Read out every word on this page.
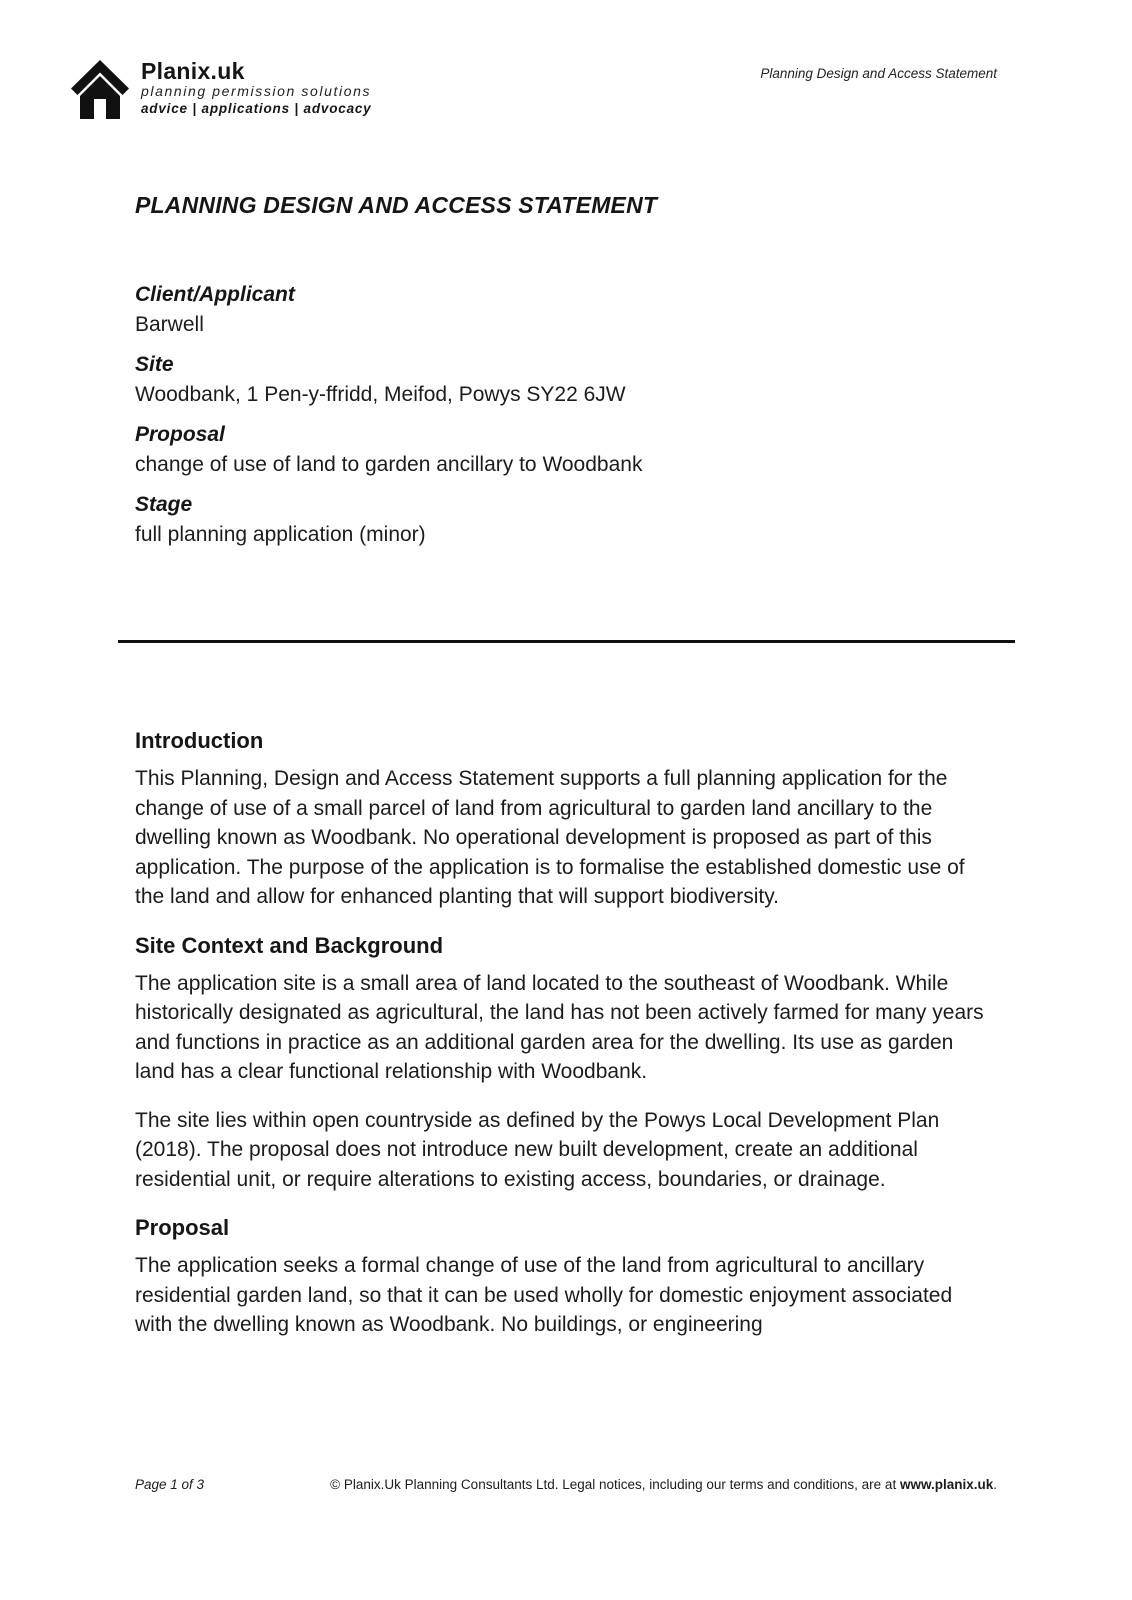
Planix.uk
planning permission solutions
advice | applications | advocacy
Planning Design and Access Statement
PLANNING DESIGN AND ACCESS STATEMENT
Client/Applicant
Barwell
Site
Woodbank, 1 Pen-y-ffridd, Meifod, Powys SY22 6JW
Proposal
change of use of land to garden ancillary to Woodbank
Stage
full planning application (minor)
Introduction

This Planning, Design and Access Statement supports a full planning application for the change of use of a small parcel of land from agricultural to garden land ancillary to the dwelling known as Woodbank. No operational development is proposed as part of this application. The purpose of the application is to formalise the established domestic use of the land and allow for enhanced planting that will support biodiversity.

Site Context and Background

The application site is a small area of land located to the southeast of Woodbank. While historically designated as agricultural, the land has not been actively farmed for many years and functions in practice as an additional garden area for the dwelling. Its use as garden land has a clear functional relationship with Woodbank.

The site lies within open countryside as defined by the Powys Local Development Plan (2018). The proposal does not introduce new built development, create an additional residential unit, or require alterations to existing access, boundaries, or drainage.

Proposal

The application seeks a formal change of use of the land from agricultural to ancillary residential garden land, so that it can be used wholly for domestic enjoyment associated with the dwelling known as Woodbank. No buildings, or engineering

Page 1 of 3	© Planix.Uk Planning Consultants Ltd. Legal notices, including our terms and conditions, are at www.planix.uk.
